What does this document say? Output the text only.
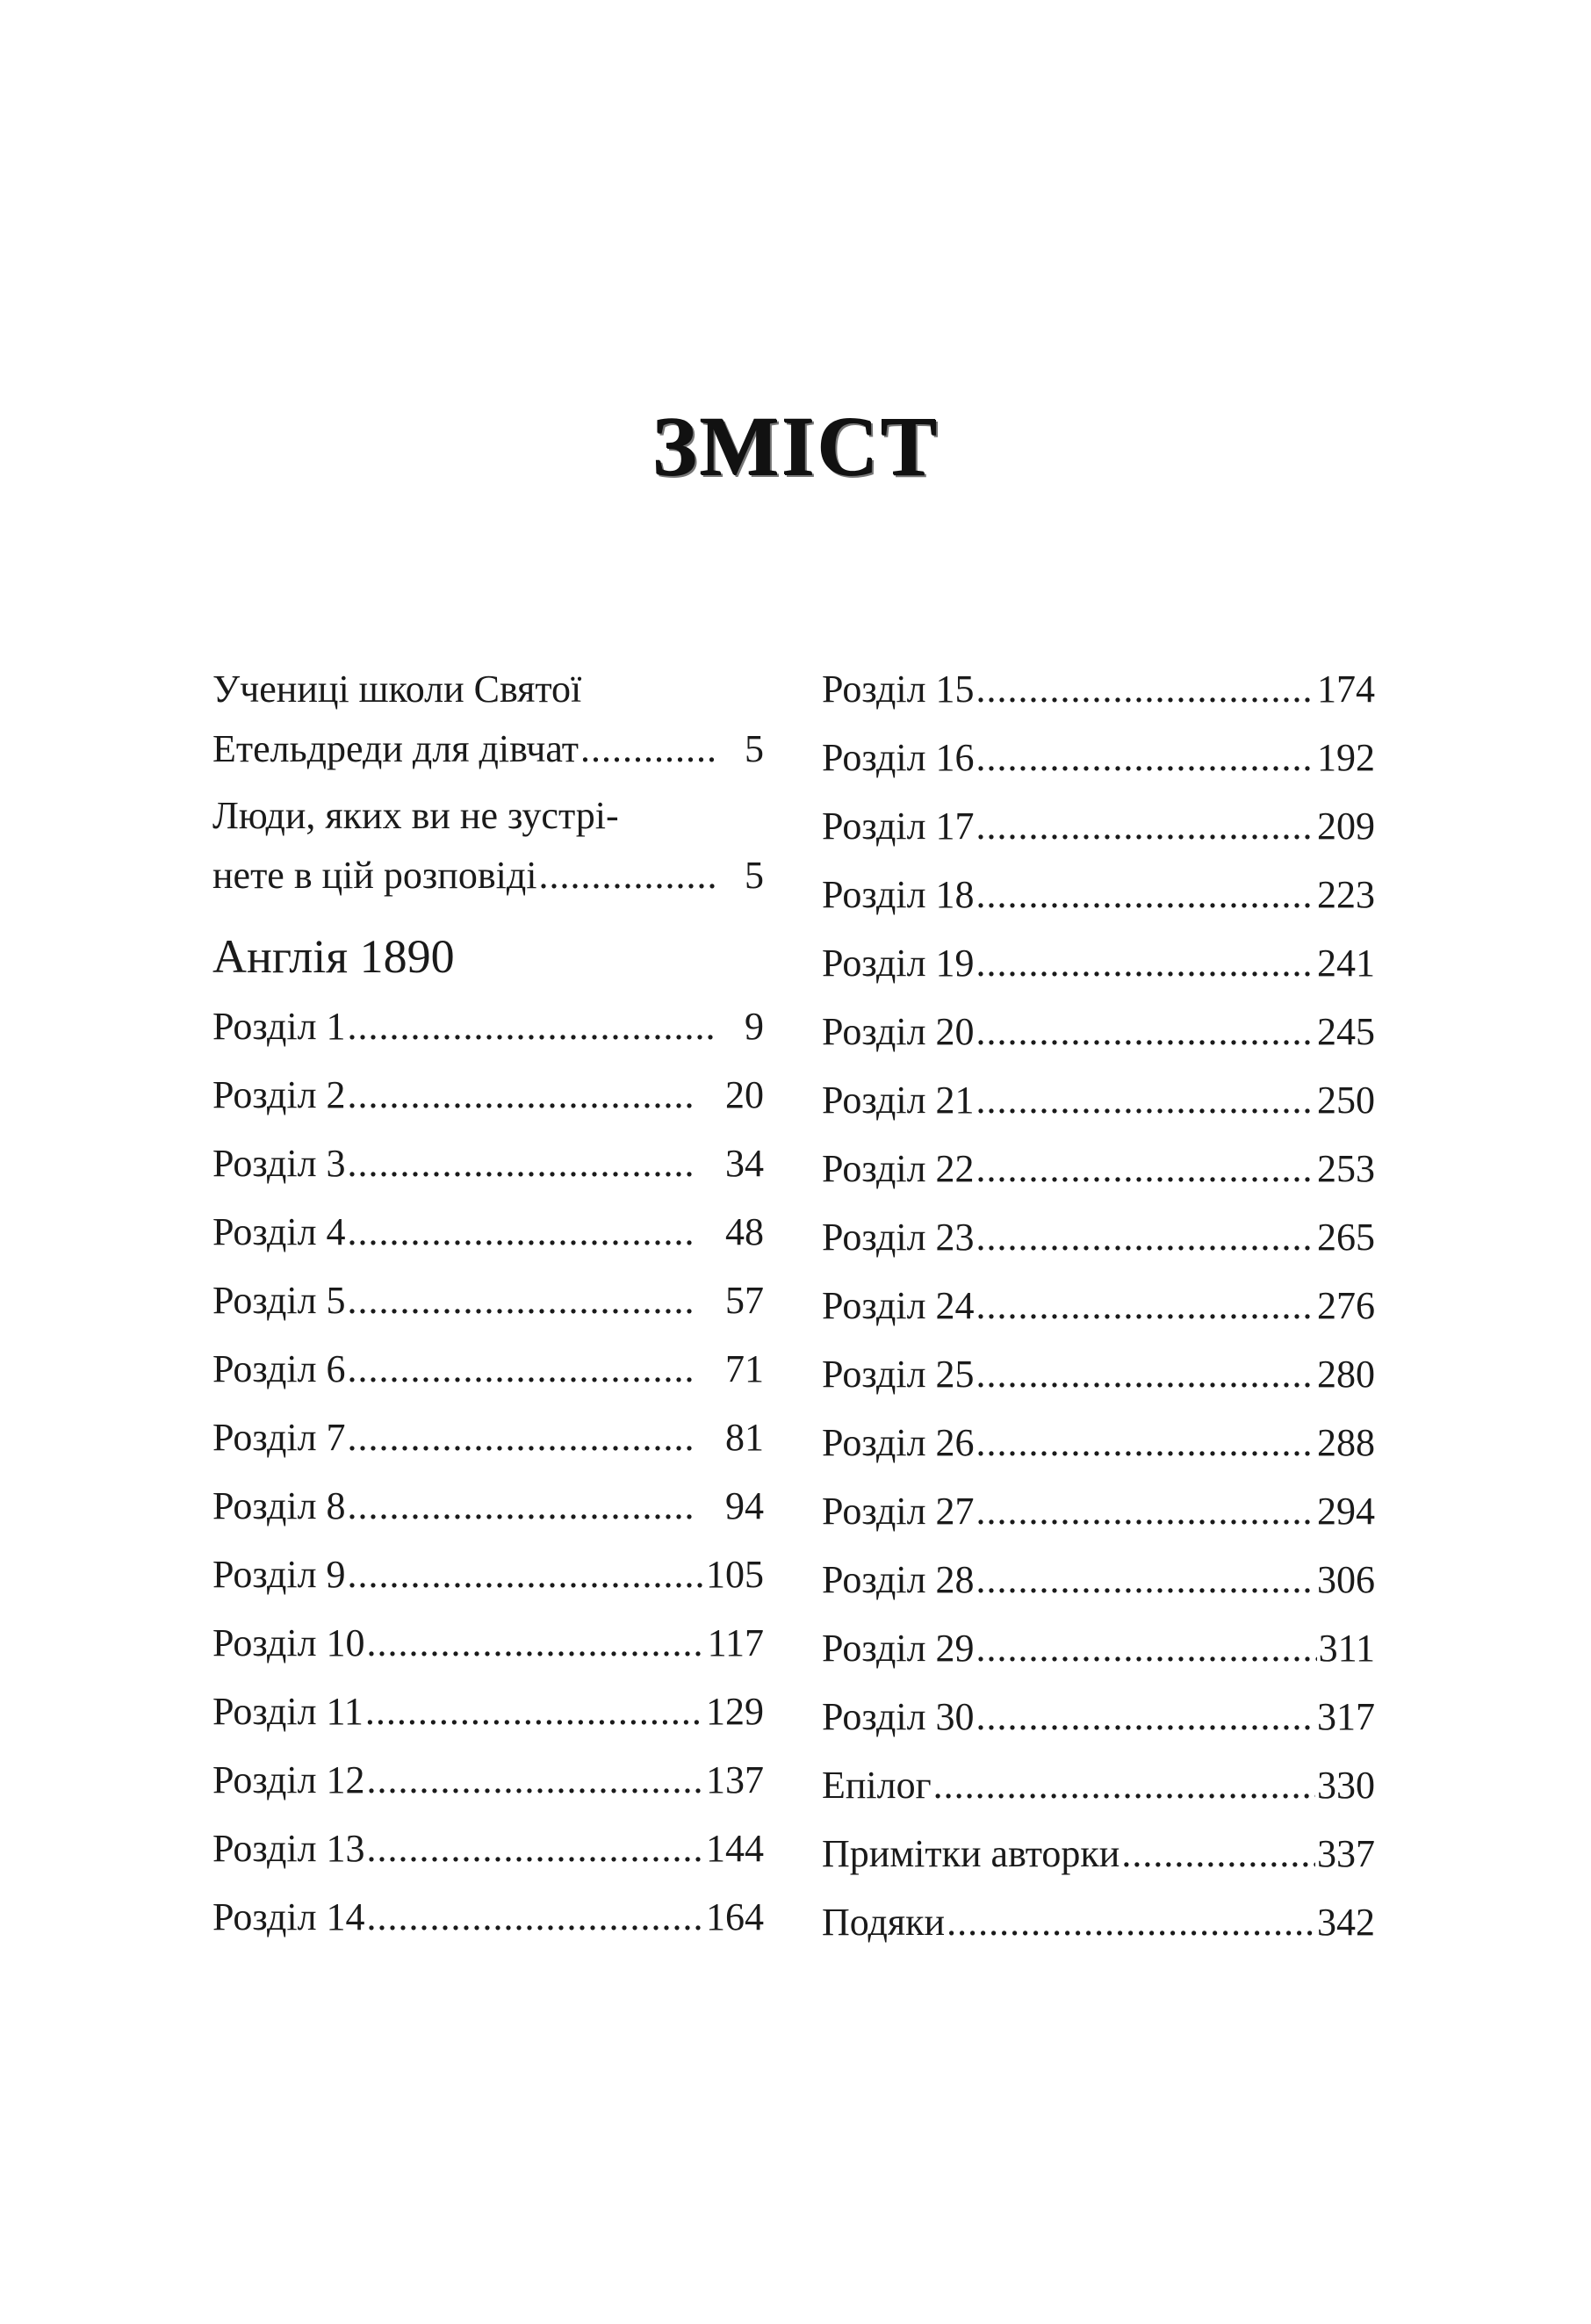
ЗМІСТ
Учениці школи Святої
Етельдреди для дівчат .....	5
Люди, яких ви не зустрі-
нете в цій розповіді .....	5
Англія 1890
Розділ 1 .....	9
Розділ 2 .....	20
Розділ 3 .....	34
Розділ 4 .....	48
Розділ 5 .....	57
Розділ 6 .....	71
Розділ 7 .....	81
Розділ 8 .....	94
Розділ 9 .....	105
Розділ 10 .....	117
Розділ 11 .....	129
Розділ 12 .....	137
Розділ 13 .....	144
Розділ 14 .....	164
Розділ 15 .....	174
Розділ 16 .....	192
Розділ 17 .....	209
Розділ 18 .....	223
Розділ 19 .....	241
Розділ 20 .....	245
Розділ 21 .....	250
Розділ 22 .....	253
Розділ 23 .....	265
Розділ 24 .....	276
Розділ 25 .....	280
Розділ 26 .....	288
Розділ 27 .....	294
Розділ 28 .....	306
Розділ 29 .....	311
Розділ 30 .....	317
Епілог .....	330
Примітки авторки .....	337
Подяки .....	342
